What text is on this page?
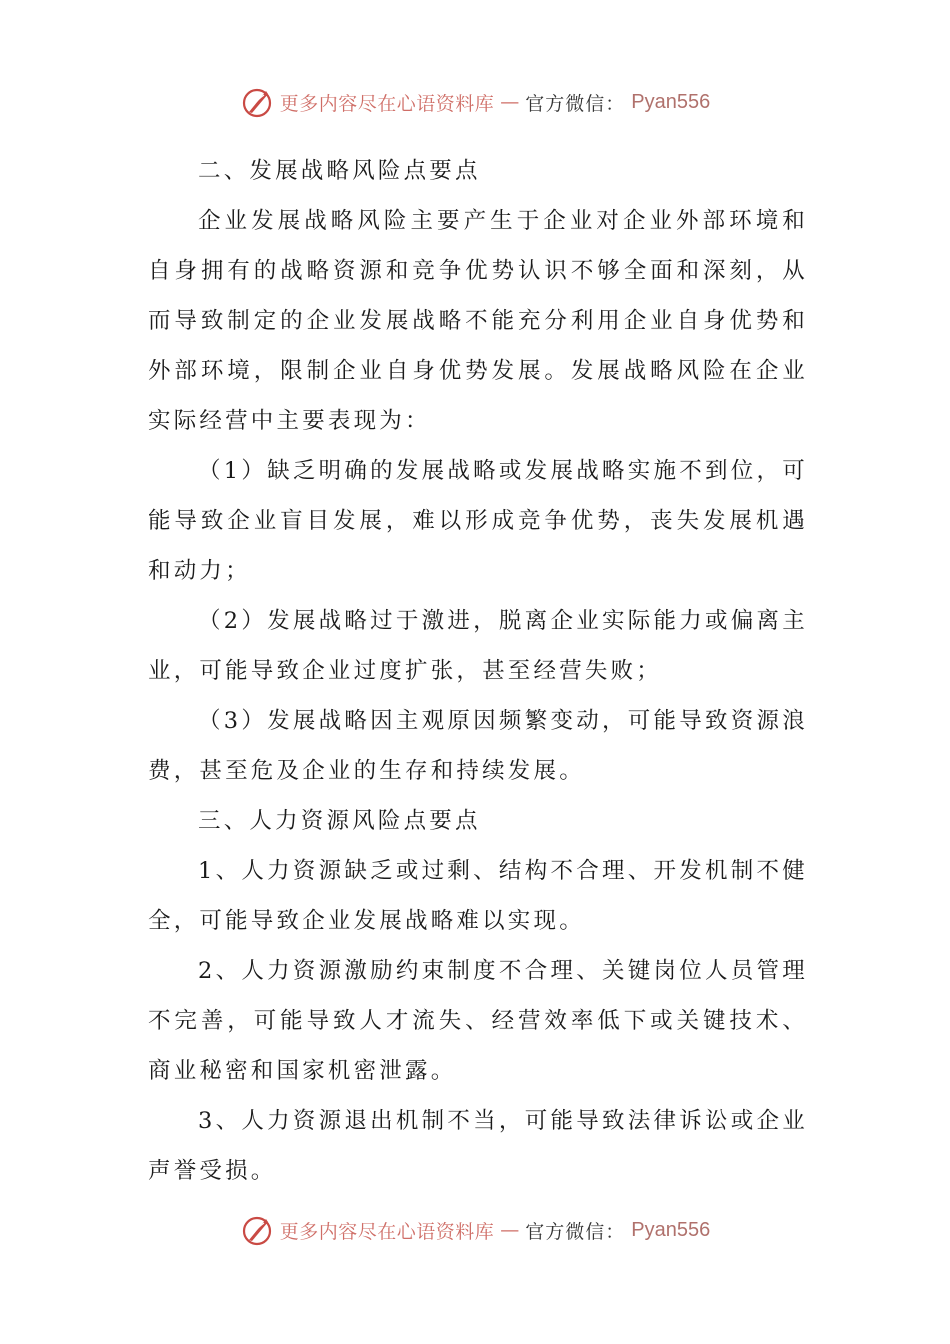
更多内容尽在心语资料库 — 官方微信： Pyan556

二、发展战略风险点要点

企业发展战略风险主要产生于企业对企业外部环境和自身拥有的战略资源和竞争优势认识不够全面和深刻，从而导致制定的企业发展战略不能充分利用企业自身优势和外部环境，限制企业自身优势发展。发展战略风险在企业实际经营中主要表现为：

（1）缺乏明确的发展战略或发展战略实施不到位，可能导致企业盲目发展，难以形成竞争优势，丧失发展机遇和动力；

（2）发展战略过于激进，脱离企业实际能力或偏离主业，可能导致企业过度扩张，甚至经营失败；

（3）发展战略因主观原因频繁变动，可能导致资源浪费，甚至危及企业的生存和持续发展。

三、人力资源风险点要点

1、人力资源缺乏或过剩、结构不合理、开发机制不健全，可能导致企业发展战略难以实现。

2、人力资源激励约束制度不合理、关键岗位人员管理不完善，可能导致人才流失、经营效率低下或关键技术、商业秘密和国家机密泄露。

3、人力资源退出机制不当，可能导致法律诉讼或企业声誉受损。

更多内容尽在心语资料库 — 官方微信： Pyan556
